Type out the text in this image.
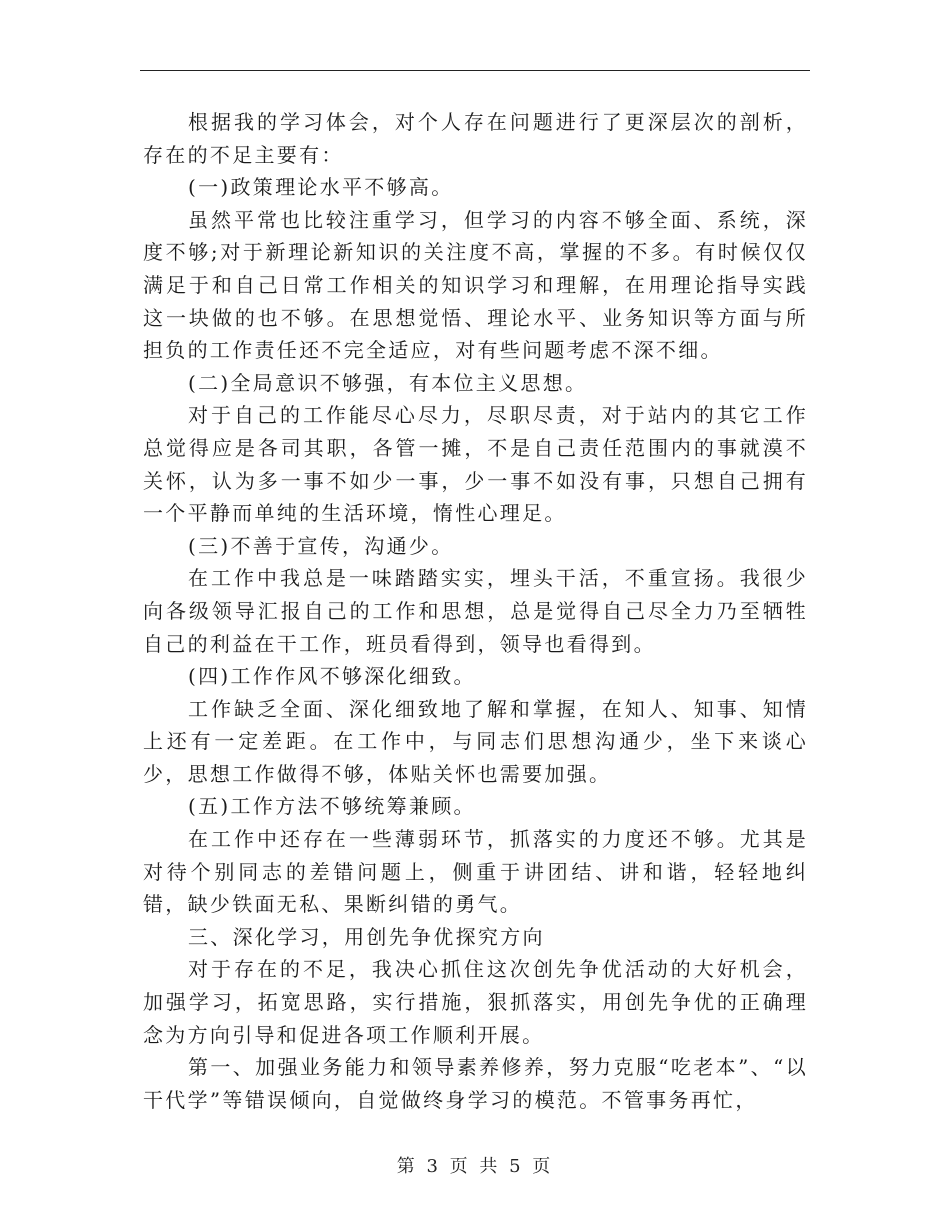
根据我的学习体会，对个人存在问题进行了更深层次的剖析，存在的不足主要有：

(一)政策理论水平不够高。

虽然平常也比较注重学习，但学习的内容不够全面、系统，深度不够;对于新理论新知识的关注度不高，掌握的不多。有时候仅仅满足于和自己日常工作相关的知识学习和理解，在用理论指导实践这一块做的也不够。在思想觉悟、理论水平、业务知识等方面与所担负的工作责任还不完全适应，对有些问题考虑不深不细。

(二)全局意识不够强，有本位主义思想。

对于自己的工作能尽心尽力，尽职尽责，对于站内的其它工作总觉得应是各司其职，各管一摊，不是自己责任范围内的事就漠不关怀，认为多一事不如少一事，少一事不如没有事，只想自己拥有一个平静而单纯的生活环境，惰性心理足。

(三)不善于宣传，沟通少。

在工作中我总是一味踏踏实实，埋头干活，不重宣扬。我很少向各级领导汇报自己的工作和思想，总是觉得自己尽全力乃至牺牲自己的利益在干工作，班员看得到，领导也看得到。

(四)工作作风不够深化细致。

工作缺乏全面、深化细致地了解和掌握，在知人、知事、知情上还有一定差距。在工作中，与同志们思想沟通少，坐下来谈心少，思想工作做得不够，体贴关怀也需要加强。

(五)工作方法不够统筹兼顾。

在工作中还存在一些薄弱环节，抓落实的力度还不够。尤其是对待个别同志的差错问题上，侧重于讲团结、讲和谐，轻轻地纠错，缺少铁面无私、果断纠错的勇气。

三、深化学习，用创先争优探究方向

对于存在的不足，我决心抓住这次创先争优活动的大好机会，加强学习，拓宽思路，实行措施，狠抓落实，用创先争优的正确理念为方向引导和促进各项工作顺利开展。

第一、加强业务能力和领导素养修养，努力克服“吃老本”、“以干代学”等错误倾向，自觉做终身学习的模范。不管事务再忙，

第 3 页 共 5 页
